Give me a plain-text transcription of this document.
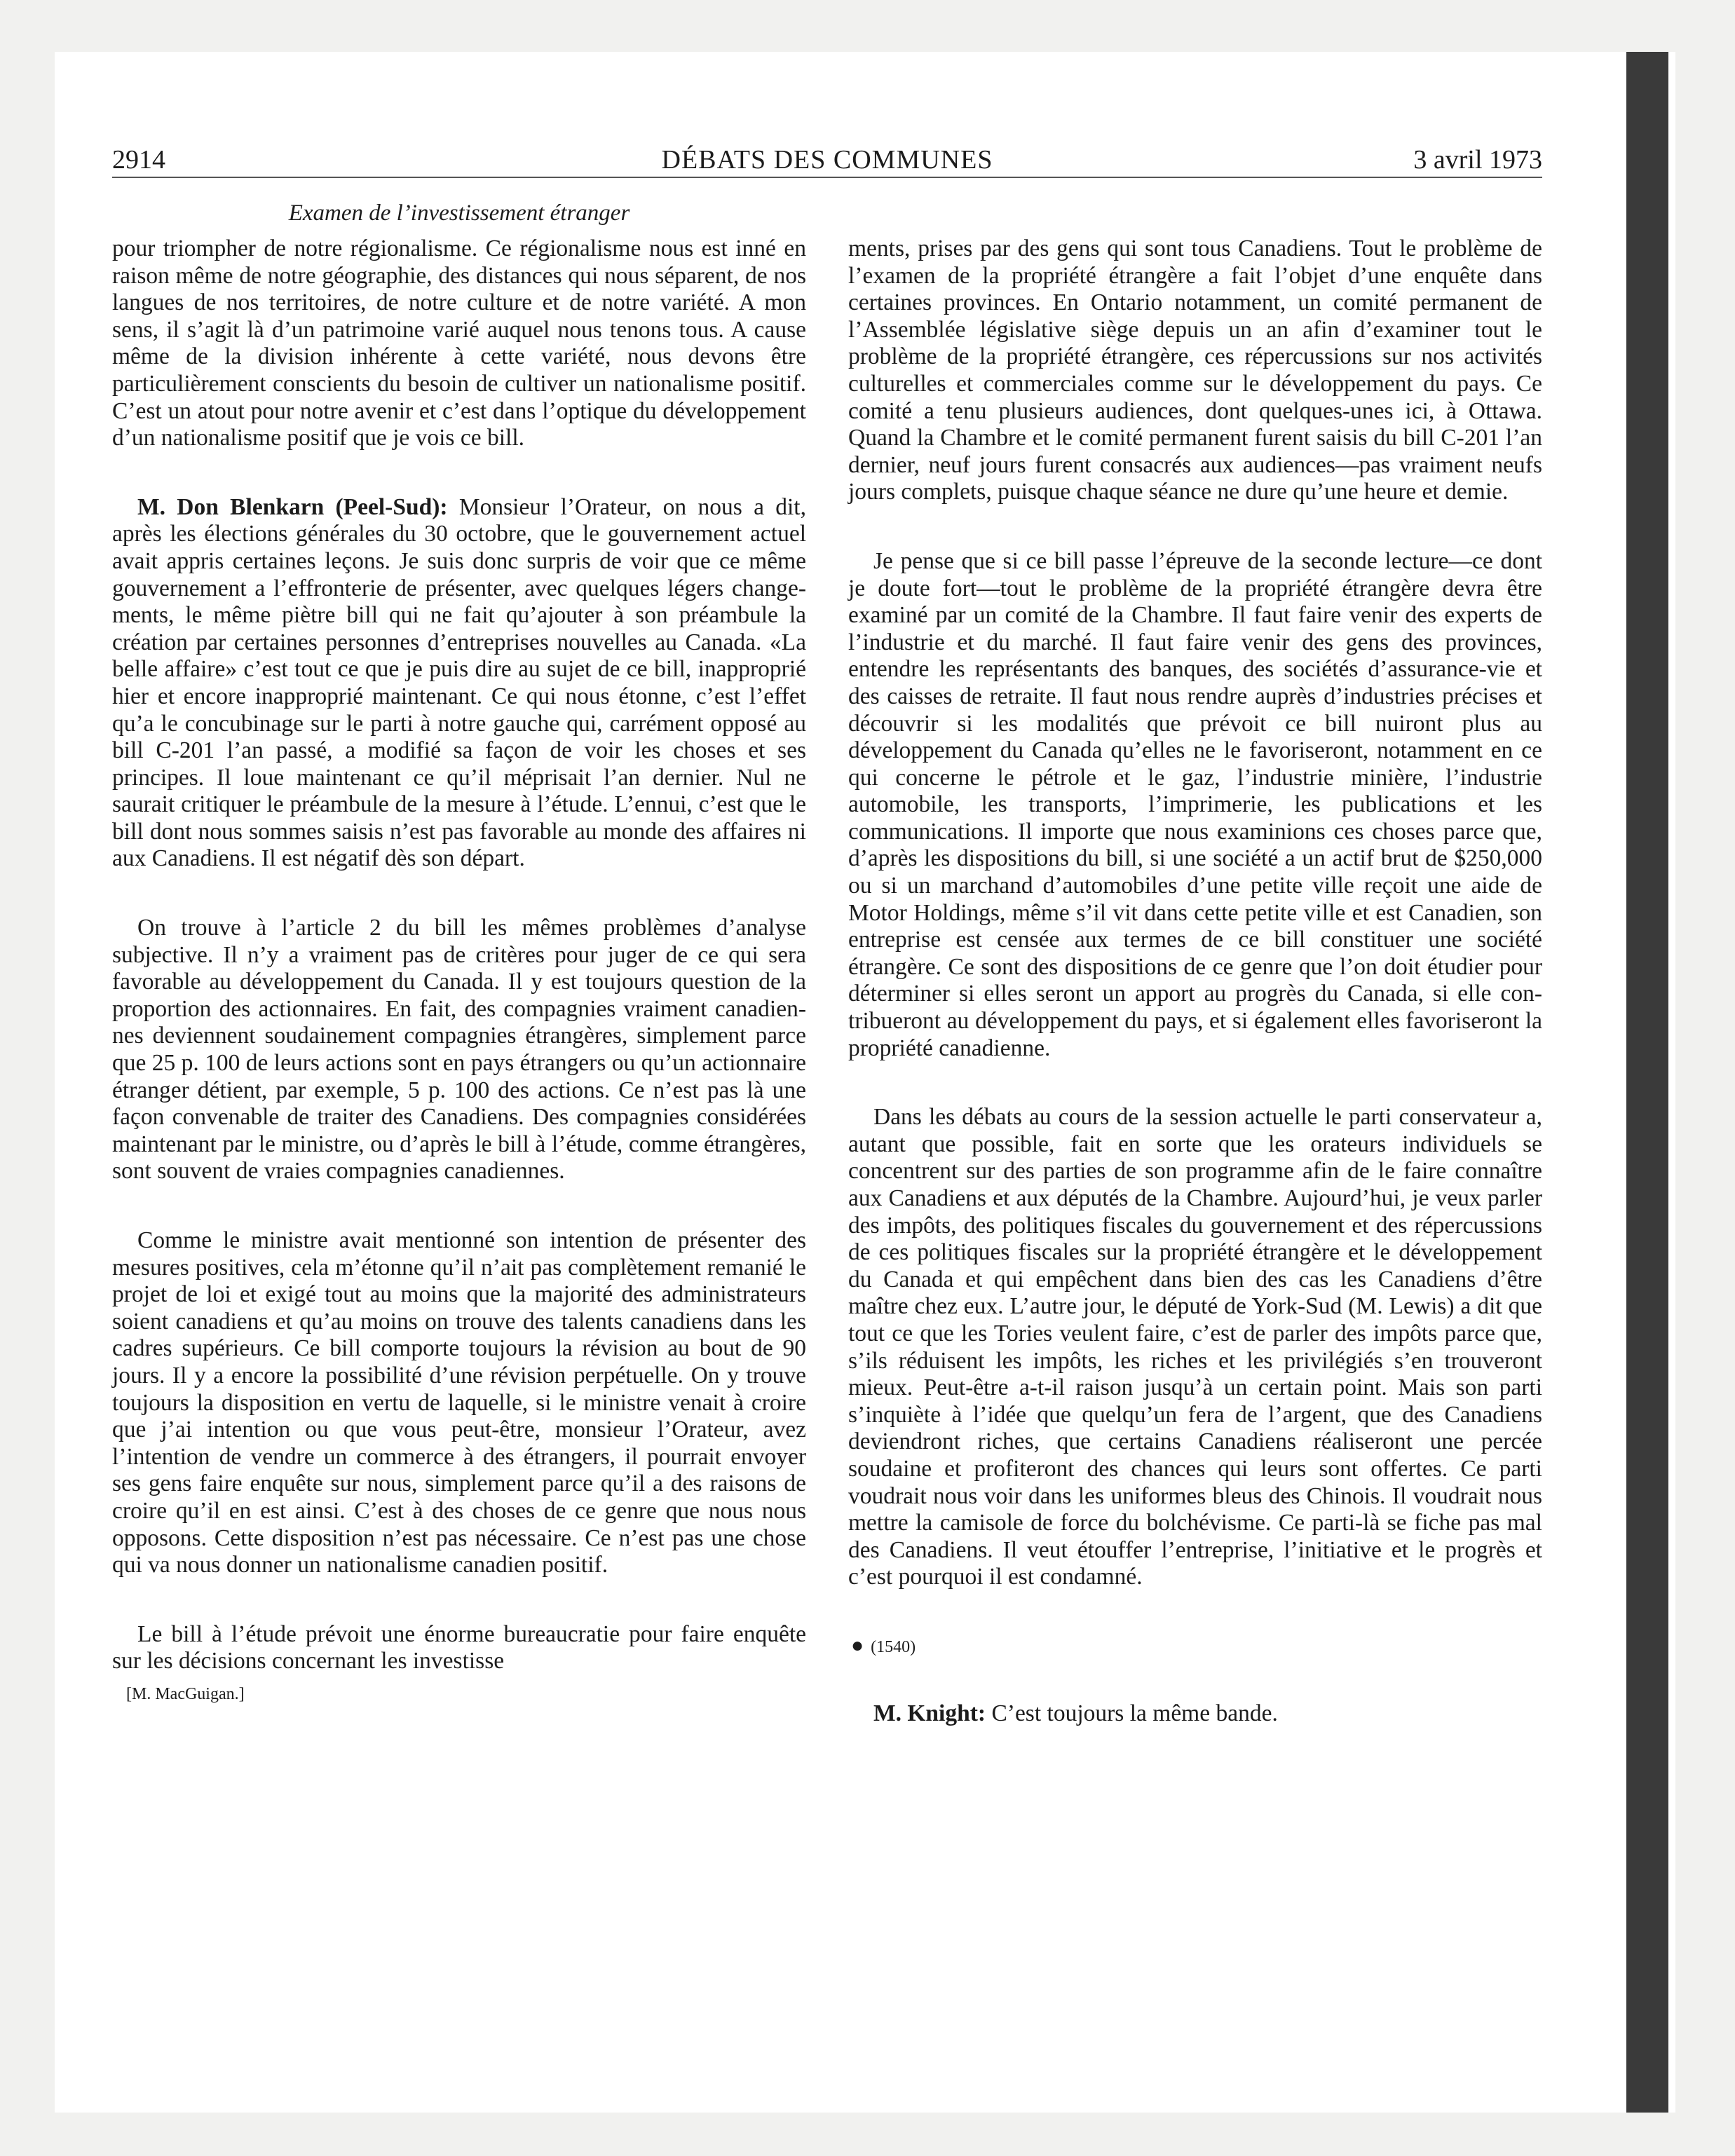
2914	DÉBATS DES COMMUNES	3 avril 1973
Examen de l’investissement étranger

pour triompher de notre régionalisme. Ce régionalisme nous est inné en raison même de notre géographie, des distances qui nous séparent, de nos langues de nos territoires, de notre culture et de notre variété. A mon sens, il s’agit là d’un patrimoine varié auquel nous tenons tous. A cause même de la division inhérente à cette variété, nous devons être particulièrement conscients du besoin de cultiver un nationalisme positif. C’est un atout pour notre avenir et c’est dans l’optique du développement d’un nationalisme positif que je vois ce bill.

M. Don Blenkarn (Peel-Sud): Monsieur l’Orateur, on nous a dit, après les élections générales du 30 octobre, que le gouvernement actuel avait appris certaines leçons. Je suis donc surpris de voir que ce même gouvernement a l’effronterie de présenter, avec quelques légers changements, le même piètre bill qui ne fait qu’ajouter à son préambule la création par certaines personnes d’entreprises nouvelles au Canada. «La belle affaire» c’est tout ce que je puis dire au sujet de ce bill, inapproprié hier et encore inapproprié maintenant. Ce qui nous étonne, c’est l’effet qu’a le concubinage sur le parti à notre gauche qui, carrément opposé au bill C-201 l’an passé, a modifié sa façon de voir les choses et ses principes. Il loue maintenant ce qu’il méprisait l’an dernier. Nul ne saurait critiquer le préambule de la mesure à l’étude. L’ennui, c’est que le bill dont nous sommes saisis n’est pas favorable au monde des affaires ni aux Canadiens. Il est négatif dès son départ.

On trouve à l’article 2 du bill les mêmes problèmes d’analyse subjective. Il n’y a vraiment pas de critères pour juger de ce qui sera favorable au développement du Canada. Il y est toujours question de la proportion des actionnaires. En fait, des compagnies vraiment canadiennes deviennent soudainement compagnies étrangères, simplement parce que 25 p. 100 de leurs actions sont en pays étrangers ou qu’un actionnaire étranger détient, par exemple, 5 p. 100 des actions. Ce n’est pas là une façon convenable de traiter des Canadiens. Des compagnies considérées maintenant par le ministre, ou d’après le bill à l’étude, comme étrangères, sont souvent de vraies compagnies canadiennes.

Comme le ministre avait mentionné son intention de présenter des mesures positives, cela m’étonne qu’il n’ait pas complètement remanié le projet de loi et exigé tout au moins que la majorité des administrateurs soient canadiens et qu’au moins on trouve des talents canadiens dans les cadres supérieurs. Ce bill comporte toujours la révision au bout de 90 jours. Il y a encore la possibilité d’une révision perpétuelle. On y trouve toujours la disposition en vertu de laquelle, si le ministre venait à croire que j’ai intention ou que vous peut-être, monsieur l’Orateur, avez l’intention de vendre un commerce à des étrangers, il pourrait envoyer ses gens faire enquête sur nous, simplement parce qu’il a des raisons de croire qu’il en est ainsi. C’est à des choses de ce genre que nous nous opposons. Cette disposition n’est pas nécessaire. Ce n’est pas une chose qui va nous donner un nationalisme canadien positif.

Le bill à l’étude prévoit une énorme bureaucratie pour faire enquête sur les décisions concernant les investisse

[M. MacGuigan.]

ments, prises par des gens qui sont tous Canadiens. Tout le problème de l’examen de la propriété étrangère a fait l’objet d’une enquête dans certaines provinces. En Ontario notamment, un comité permanent de l’Assemblée législative siège depuis un an afin d’examiner tout le problème de la propriété étrangère, ces répercussions sur nos activités culturelles et commerciales comme sur le développement du pays. Ce comité a tenu plusieurs audiences, dont quelques-unes ici, à Ottawa. Quand la Chambre et le comité permanent furent saisis du bill C-201 l’an dernier, neuf jours furent consacrés aux audiences—pas vraiment neufs jours complets, puisque chaque séance ne dure qu’une heure et demie.

Je pense que si ce bill passe l’épreuve de la seconde lecture—ce dont je doute fort—tout le problème de la propriété étrangère devra être examiné par un comité de la Chambre. Il faut faire venir des experts de l’industrie et du marché. Il faut faire venir des gens des provinces, entendre les représentants des banques, des sociétés d’assurance-vie et des caisses de retraite. Il faut nous rendre auprès d’industries précises et découvrir si les modalités que prévoit ce bill nuiront plus au développement du Canada qu’elles ne le favoriseront, notamment en ce qui concerne le pétrole et le gaz, l’industrie minière, l’industrie automobile, les transports, l’imprimerie, les publications et les communications. Il importe que nous examinions ces choses parce que, d’après les dispositions du bill, si une société a un actif brut de $250,000 ou si un marchand d’automobiles d’une petite ville reçoit une aide de Motor Holdings, même s’il vit dans cette petite ville et est Canadien, son entreprise est censée aux termes de ce bill constituer une société étrangère. Ce sont des dispositions de ce genre que l’on doit étudier pour déterminer si elles seront un apport au progrès du Canada, si elle contribueront au développement du pays, et si également elles favoriseront la propriété canadienne.

Dans les débats au cours de la session actuelle le parti conservateur a, autant que possible, fait en sorte que les orateurs individuels se concentrent sur des parties de son programme afin de le faire connaître aux Canadiens et aux députés de la Chambre. Aujourd’hui, je veux parler des impôts, des politiques fiscales du gouvernement et des répercussions de ces politiques fiscales sur la propriété étrangère et le développement du Canada et qui empêchent dans bien des cas les Canadiens d’être maître chez eux. L’autre jour, le député de York-Sud (M. Lewis) a dit que tout ce que les Tories veulent faire, c’est de parler des impôts parce que, s’ils réduisent les impôts, les riches et les privilégiés s’en trouveront mieux. Peut-être a-t-il raison jusqu’à un certain point. Mais son parti s’inquiète à l’idée que quelqu’un fera de l’argent, que des Canadiens deviendront riches, que certains Canadiens réaliseront une percée soudaine et profiteront des chances qui leurs sont offertes. Ce parti voudrait nous voir dans les uniformes bleus des Chinois. Il voudrait nous mettre la camisole de force du bolchévisme. Ce parti-là se fiche pas mal des Canadiens. Il veut étouffer l’entreprise, l’initiative et le progrès et c’est pourquoi il est condamné.

● (1540)

M. Knight: C’est toujours la même bande.
